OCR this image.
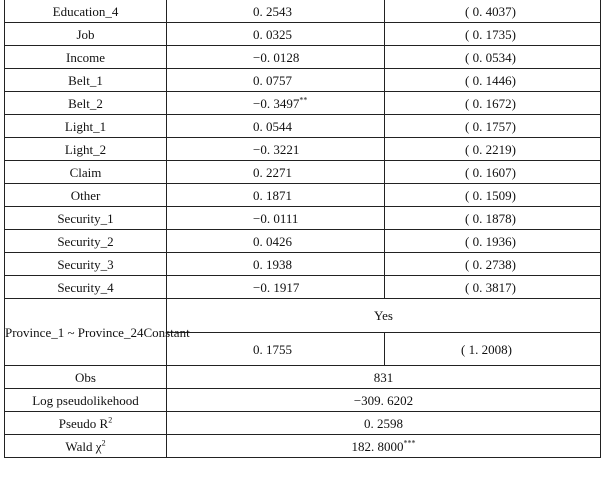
Education_4	0. 2543	( 0. 4037)
Job	0. 0325	( 0. 1735)
Income	−0. 0128	( 0. 0534)
Belt_1	0. 0757	( 0. 1446)
Belt_2	−0. 3497**	( 0. 1672)
Light_1	0. 0544	( 0. 1757)
Light_2	−0. 3221	( 0. 2219)
Claim	0. 2271	( 0. 1607)
Other	0. 1871	( 0. 1509)
Security_1	−0. 0111	( 0. 1878)
Security_2	0. 0426	( 0. 1936)
Security_3	0. 1938	( 0. 2738)
Security_4	−0. 1917	( 0. 3817)
Province_1 ~ Province_24Constant	Yes	
	0. 1755	( 1. 2008)
Obs	831	
Log pseudolikehood	−309. 6202	
Pseudo $R^2$	0. 2598	
Wald $\chi^2$	182. 8000***
